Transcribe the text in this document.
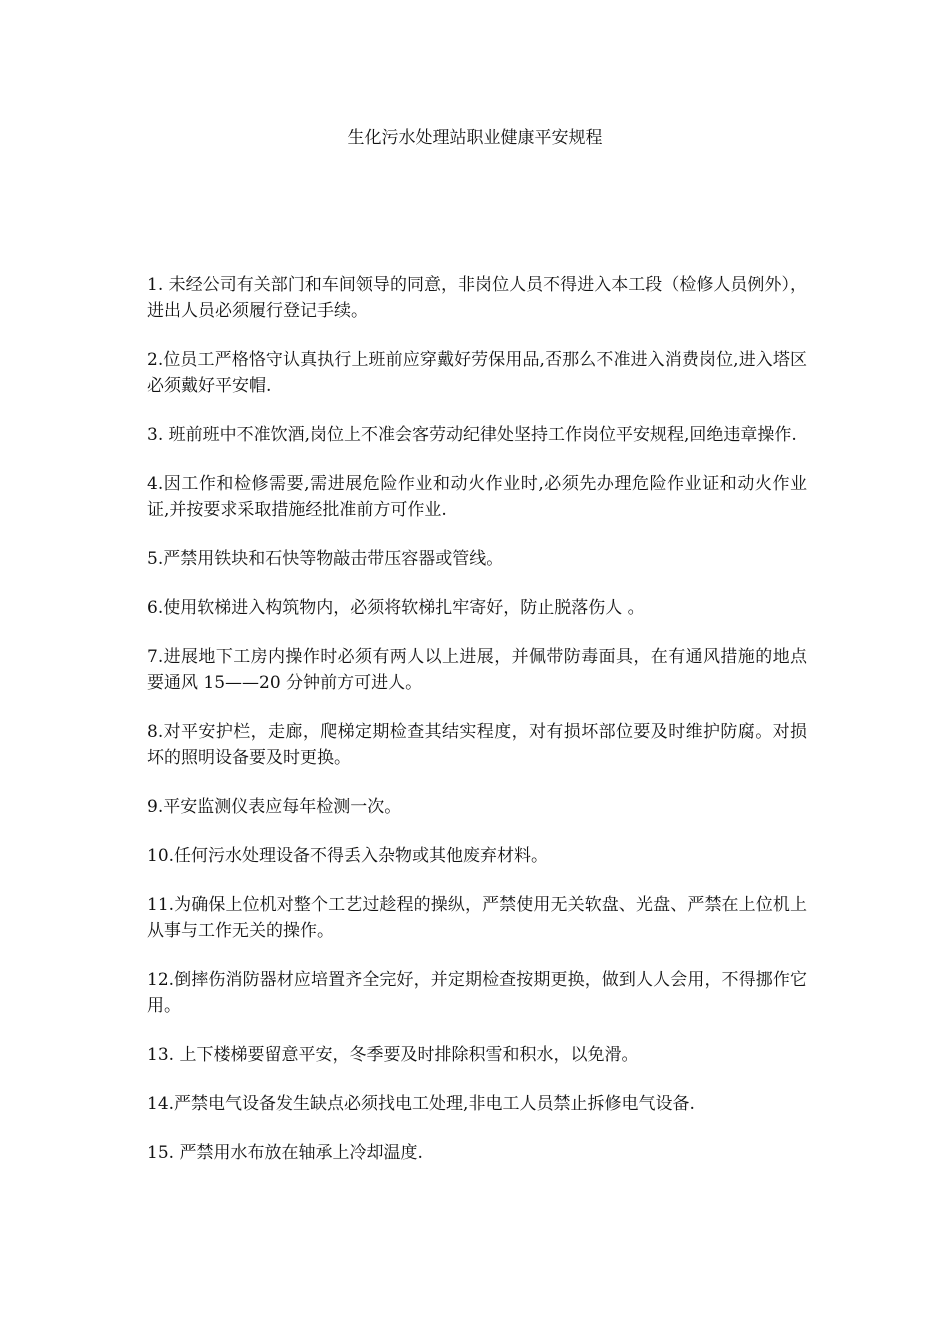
生化污水处理站职业健康平安规程
1. 未经公司有关部门和车间领导的同意，非岗位人员不得进入本工段（检修人员例外），进出人员必须履行登记手续。
2.位员工严格恪守认真执行上班前应穿戴好劳保用品,否那么不准进入消费岗位,进入塔区必须戴好平安帽.
3. 班前班中不准饮酒,岗位上不准会客劳动纪律处坚持工作岗位平安规程,回绝违章操作.
4.因工作和检修需要,需进展危险作业和动火作业时,必须先办理危险作业证和动火作业证,并按要求采取措施经批准前方可作业.
5.严禁用铁块和石快等物敲击带压容器或管线。
6.使用软梯进入构筑物内，必须将软梯扎牢寄好，防止脱落伤人 。
7.进展地下工房内操作时必须有两人以上进展，并佩带防毒面具，在有通风措施的地点要通风 15——20 分钟前方可进人。
8.对平安护栏，走廊，爬梯定期检查其结实程度，对有损坏部位要及时维护防腐。对损坏的照明设备要及时更换。
9.平安监测仪表应每年检测一次。
10.任何污水处理设备不得丢入杂物或其他废弃材料。
11.为确保上位机对整个工艺过趁程的操纵，严禁使用无关软盘、光盘、严禁在上位机上从事与工作无关的操作。
12.倒摔伤消防器材应培置齐全完好，并定期检查按期更换，做到人人会用，不得挪作它用。
13. 上下楼梯要留意平安，冬季要及时排除积雪和积水，以免滑。
14.严禁电气设备发生缺点必须找电工处理,非电工人员禁止拆修电气设备.
15. 严禁用水布放在轴承上冷却温度.
